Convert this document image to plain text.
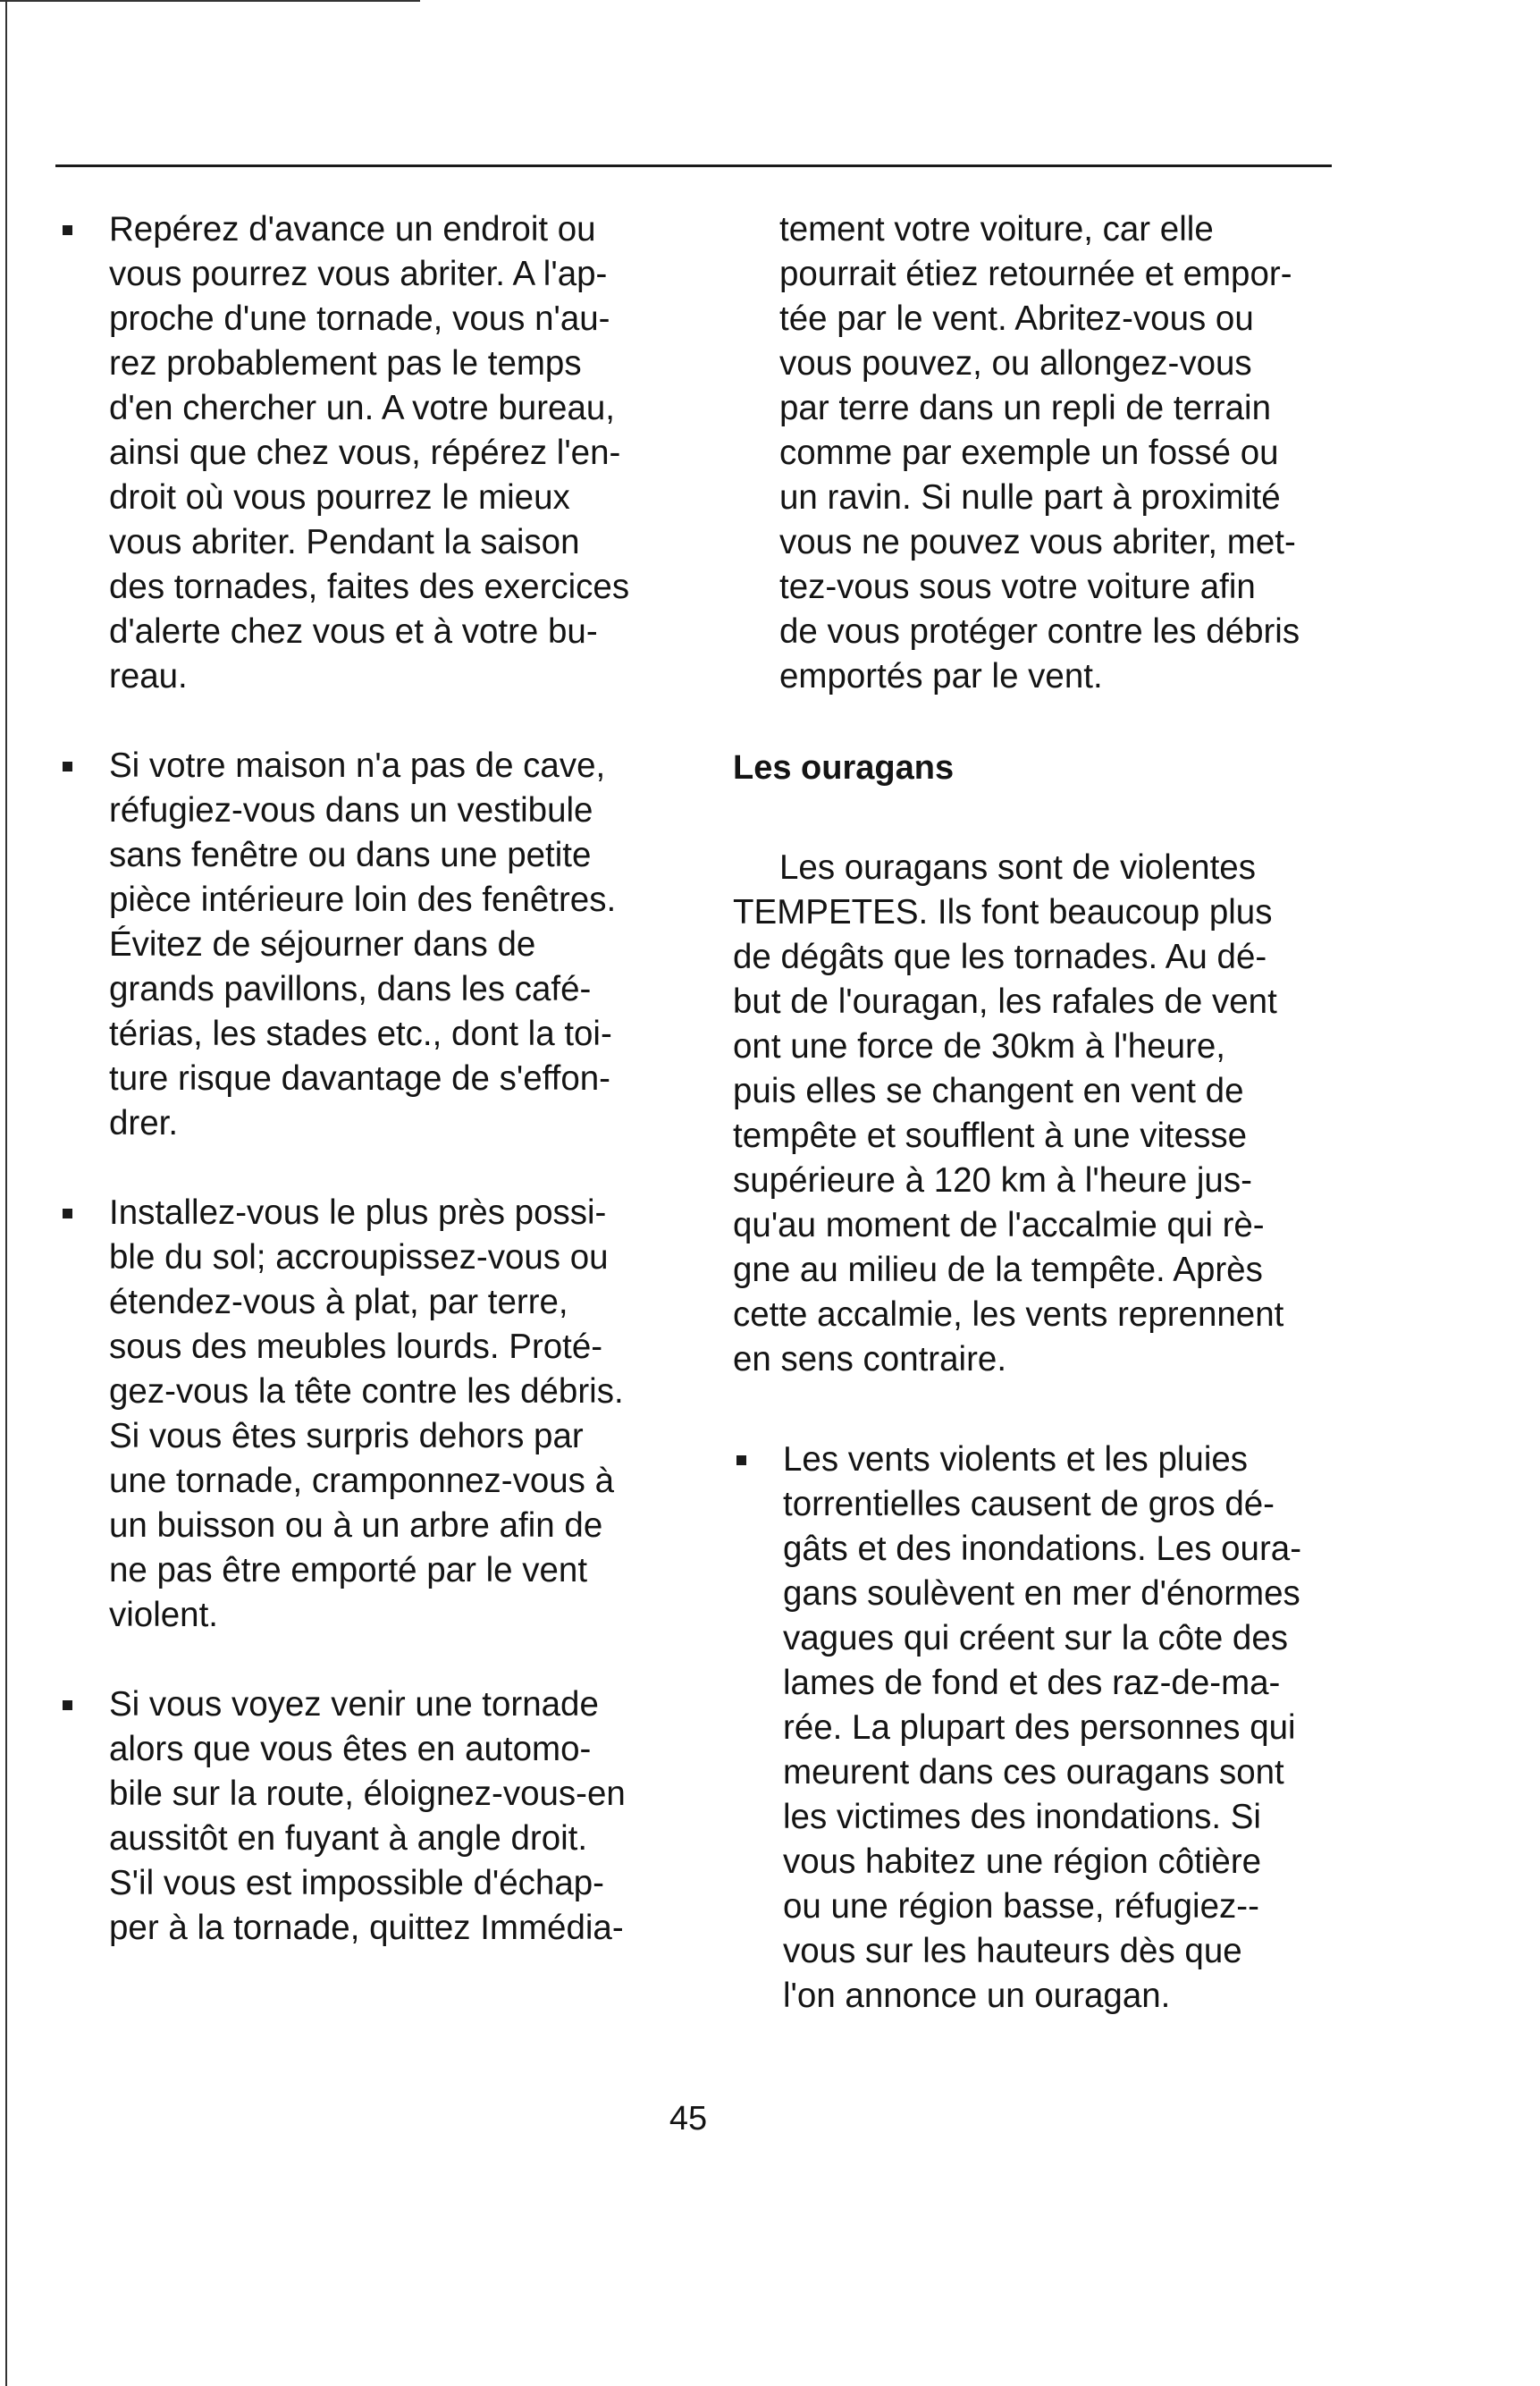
Repérez d'avance un endroit ou
vous pourrez vous abriter. A l'ap-
proche d'une tornade, vous n'au-
rez probablement pas le temps
d'en chercher un. A votre bureau,
ainsi que chez vous, répérez l'en-
droit où vous pourrez le mieux
vous abriter. Pendant la saison
des tornades, faites des exercices
d'alerte chez vous et à votre bu-
reau.
Si votre maison n'a pas de cave,
réfugiez-vous dans un vestibule
sans fenêtre ou dans une petite
pièce intérieure loin des fenêtres.
Évitez de séjourner dans de
grands pavillons, dans les café-
térias, les stades etc., dont la toi-
ture risque davantage de s'effon-
drer.
Installez-vous le plus près possi-
ble du sol; accroupissez-vous ou
étendez-vous à plat, par terre,
sous des meubles lourds. Proté-
gez-vous la tête contre les débris.
Si vous êtes surpris dehors par
une tornade, cramponnez-vous à
un buisson ou à un arbre afin de
ne pas être emporté par le vent
violent.
Si vous voyez venir une tornade
alors que vous êtes en automo-
bile sur la route, éloignez-vous-en
aussitôt en fuyant à angle droit.
S'il vous est impossible d'échap-
per à la tornade, quittez Immédia-
tement votre voiture, car elle
pourrait étiez retournée et empor-
tée par le vent. Abritez-vous ou
vous pouvez, ou allongez-vous
par terre dans un repli de terrain
comme par exemple un fossé ou
un ravin. Si nulle part à proximité
vous ne pouvez vous abriter, met-
tez-vous sous votre voiture afin
de vous protéger contre les débris
emportés par le vent.
Les ouragans
Les ouragans sont de violentes
TEMPETES. Ils font beaucoup plus
de dégâts que les tornades. Au dé-
but de l'ouragan, les rafales de vent
ont une force de 30km à l'heure,
puis elles se changent en vent de
tempête et soufflent à une vitesse
supérieure à 120 km à l'heure jus-
qu'au moment de l'accalmie qui rè-
gne au milieu de la tempête. Après
cette accalmie, les vents reprennent
en sens contraire.
Les vents violents et les pluies
torrentielles causent de gros dé-
gâts et des inondations. Les oura-
gans soulèvent en mer d'énormes
vagues qui créent sur la côte des
lames de fond et des raz-de-ma-
rée. La plupart des personnes qui
meurent dans ces ouragans sont
les victimes des inondations. Si
vous habitez une région côtière
ou une région basse, réfugiez--
vous sur les hauteurs dès que
l'on annonce un ouragan.
45
